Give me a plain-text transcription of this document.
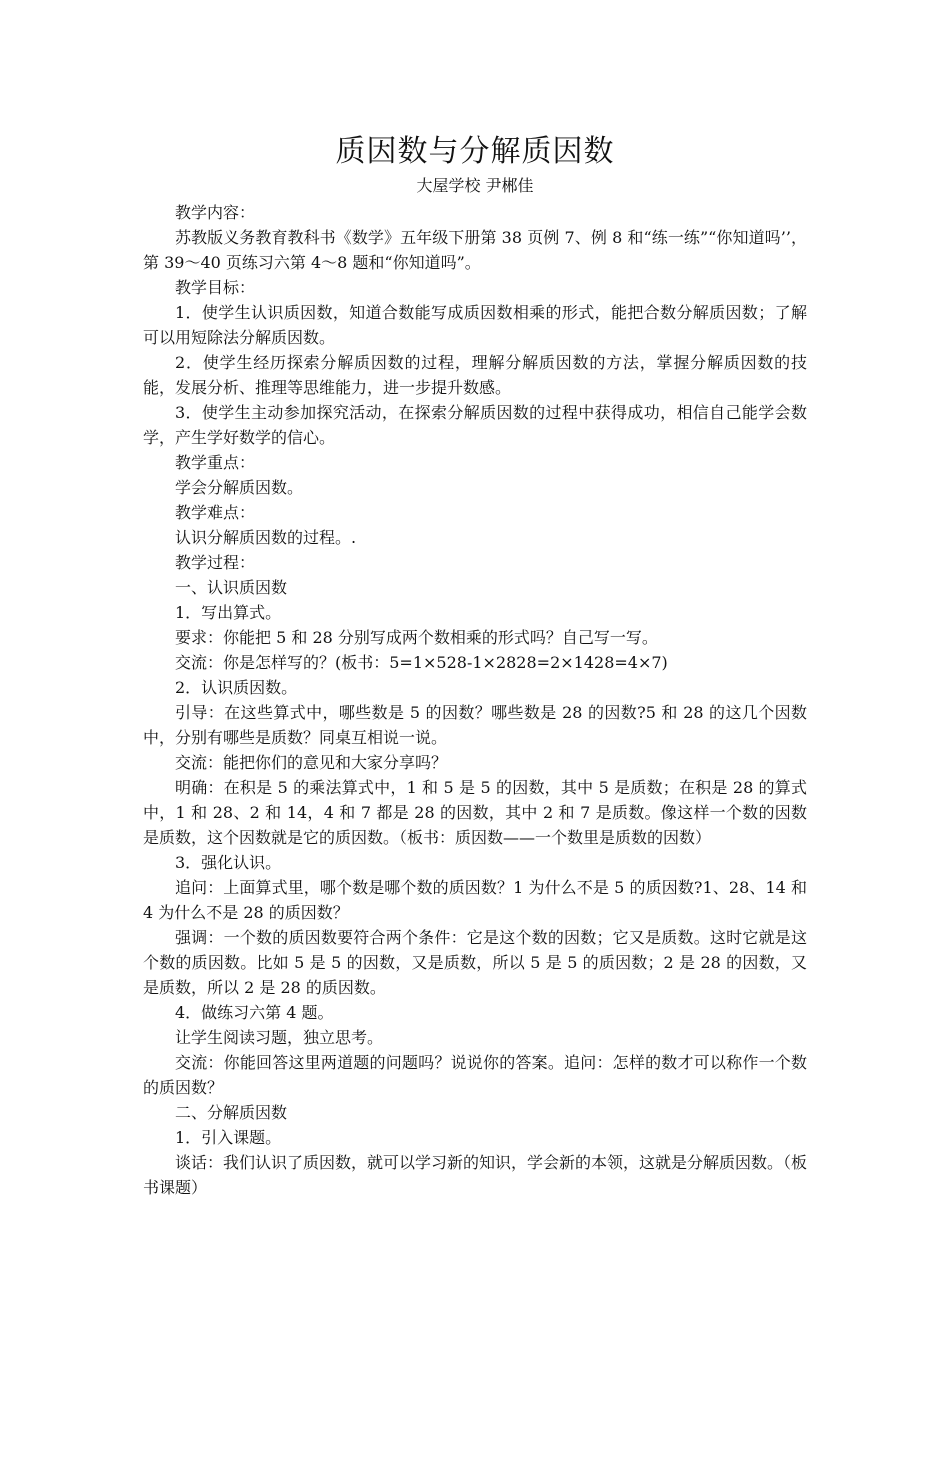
质因数与分解质因数
大屋学校 尹郴佳

教学内容：

苏教版义务教育教科书《数学》五年级下册第 38 页例 7、例 8 和“练一练”“你知道吗’’，第 39～40 页练习六第 4～8 题和“你知道吗”。

教学目标：

1．使学生认识质因数，知道合数能写成质因数相乘的形式，能把合数分解质因数；了解可以用短除法分解质因数。

2．使学生经历探索分解质因数的过程，理解分解质因数的方法，掌握分解质因数的技能，发展分析、推理等思维能力，进一步提升数感。

3．使学生主动参加探究活动，在探索分解质因数的过程中获得成功，相信自己能学会数学，产生学好数学的信心。

教学重点：

学会分解质因数。

教学难点：

认识分解质因数的过程。.

教学过程：

一、认识质因数

1．写出算式。

要求：你能把 5 和 28 分别写成两个数相乘的形式吗？自己写一写。

交流：你是怎样写的？(板书：5=1×528-1×2828=2×1428=4×7)

2．认识质因数。

引导：在这些算式中，哪些数是 5 的因数？哪些数是 28 的因数?5 和 28 的这几个因数中，分别有哪些是质数？同桌互相说一说。

交流：能把你们的意见和大家分享吗？

明确：在积是 5 的乘法算式中，1 和 5 是 5 的因数，其中 5 是质数；在积是 28 的算式中，1 和 28、2 和 14，4 和 7 都是 28 的因数，其中 2 和 7 是质数。像这样一个数的因数是质数，这个因数就是它的质因数。（板书：质因数——一个数里是质数的因数）

3．强化认识。

追问：上面算式里，哪个数是哪个数的质因数？1 为什么不是 5 的质因数?1、28、14 和 4 为什么不是 28 的质因数？

强调：一个数的质因数要符合两个条件：它是这个数的因数；它又是质数。这时它就是这个数的质因数。比如 5 是 5 的因数，又是质数，所以 5 是 5 的质因数；2 是 28 的因数，又是质数，所以 2 是 28 的质因数。

4．做练习六第 4 题。

让学生阅读习题，独立思考。

交流：你能回答这里两道题的问题吗？说说你的答案。追问：怎样的数才可以称作一个数的质因数？

二、分解质因数

1．引入课题。

谈话：我们认识了质因数，就可以学习新的知识，学会新的本领，这就是分解质因数。（板书课题）
